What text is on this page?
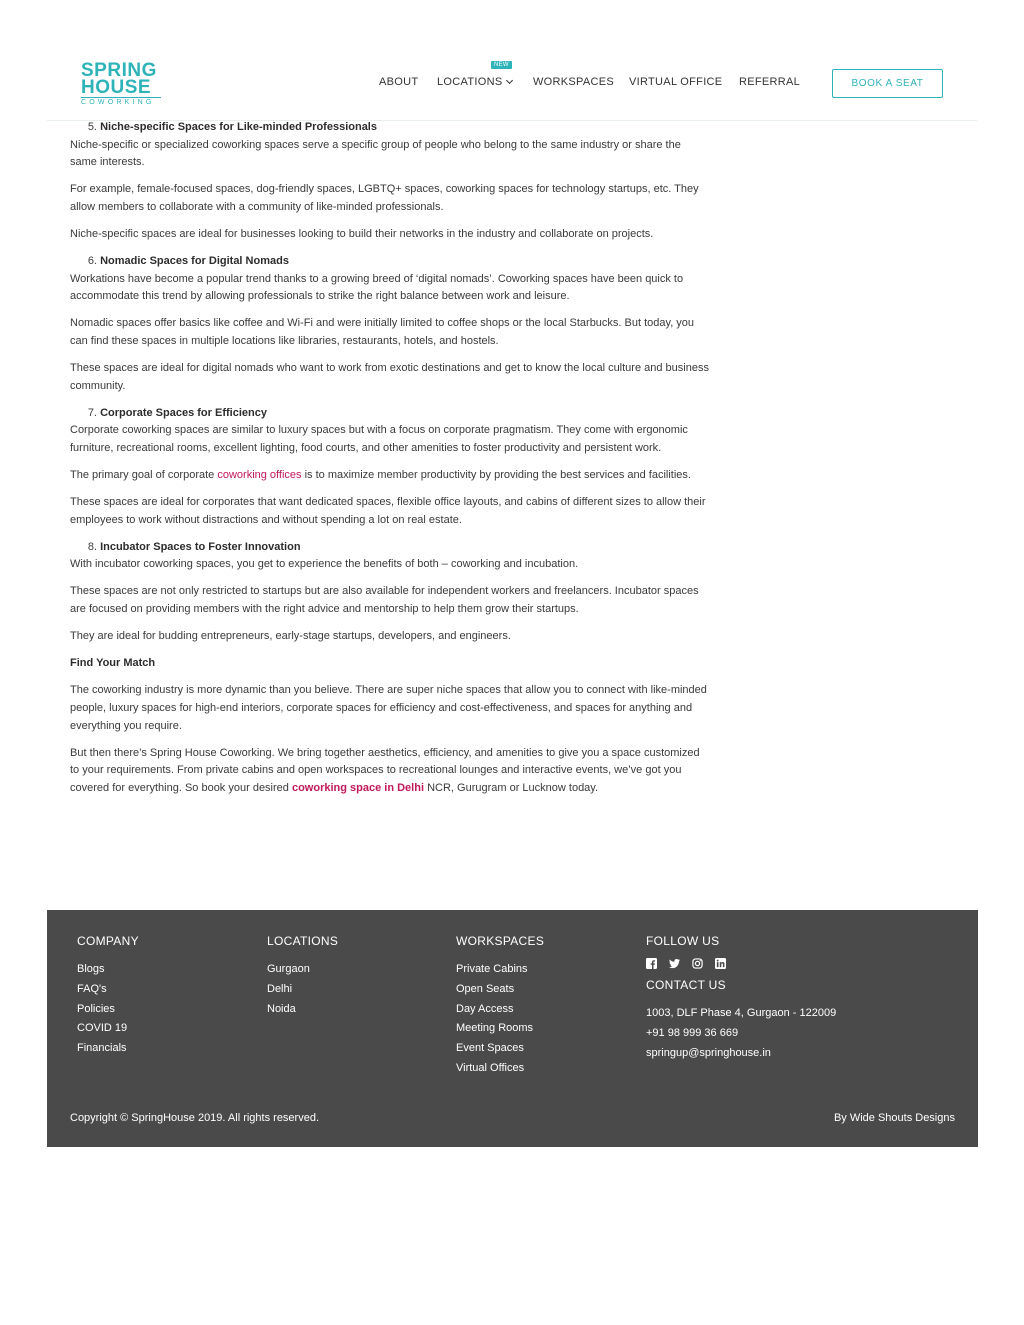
SPRING
HOUSE
COWORKING
ABOUT
NEW
LOCATIONS	WORKSPACES VIRTUAL OFFICE REFERRAL	BOOK A SEAT
5. Niche-specific Spaces for Like-minded Professionals

Niche-specific or specialized coworking spaces serve a specific group of people who belong to the same industry or share the same interests.

For example, female-focused spaces, dog-friendly spaces, LGBTQ+ spaces, coworking spaces for technology startups, etc. They allow members to collaborate with a community of like-minded professionals.

Niche-specific spaces are ideal for businesses looking to build their networks in the industry and collaborate on projects.

6. Nomadic Spaces for Digital Nomads

Workations have become a popular trend thanks to a growing breed of ‘digital nomads’. Coworking spaces have been quick to accommodate this trend by allowing professionals to strike the right balance between work and leisure.

Nomadic spaces offer basics like coffee and Wi-Fi and were initially limited to coffee shops or the local Starbucks. But today, you can find these spaces in multiple locations like libraries, restaurants, hotels, and hostels.

These spaces are ideal for digital nomads who want to work from exotic destinations and get to know the local culture and business community.

7. Corporate Spaces for Efficiency

Corporate coworking spaces are similar to luxury spaces but with a focus on corporate pragmatism. They come with ergonomic furniture, recreational rooms, excellent lighting, food courts, and other amenities to foster productivity and persistent work.

The primary goal of corporate coworking offices is to maximize member productivity by providing the best services and facilities.

These spaces are ideal for corporates that want dedicated spaces, flexible office layouts, and cabins of different sizes to allow their employees to work without distractions and without spending a lot on real estate.

8. Incubator Spaces to Foster Innovation

With incubator coworking spaces, you get to experience the benefits of both – coworking and incubation.

These spaces are not only restricted to startups but are also available for independent workers and freelancers. Incubator spaces are focused on providing members with the right advice and mentorship to help them grow their startups.

They are ideal for budding entrepreneurs, early-stage startups, developers, and engineers.

Find Your Match

The coworking industry is more dynamic than you believe. There are super niche spaces that allow you to connect with like-minded people, luxury spaces for high-end interiors, corporate spaces for efficiency and cost-effectiveness, and spaces for anything and everything you require.

But then there’s Spring House Coworking. We bring together aesthetics, efficiency, and amenities to give you a space customized to your requirements. From private cabins and open workspaces to recreational lounges and interactive events, we’ve got you covered for everything. So book your desired coworking space in Delhi NCR, Gurugram or Lucknow today.

COMPANY
Blogs
FAQ's
Policies
COVID 19
Financials
LOCATIONS
Gurgaon
Delhi
Noida
WORKSPACES
Private Cabins
Open Seats
Day Access
Meeting Rooms
Event Spaces
Virtual Offices
FOLLOW US
CONTACT US
1003, DLF Phase 4, Gurgaon - 122009
+91 98 999 36 669
springup@springhouse.in
Copyright © SpringHouse 2019. All rights reserved.	By Wide Shouts Designs
